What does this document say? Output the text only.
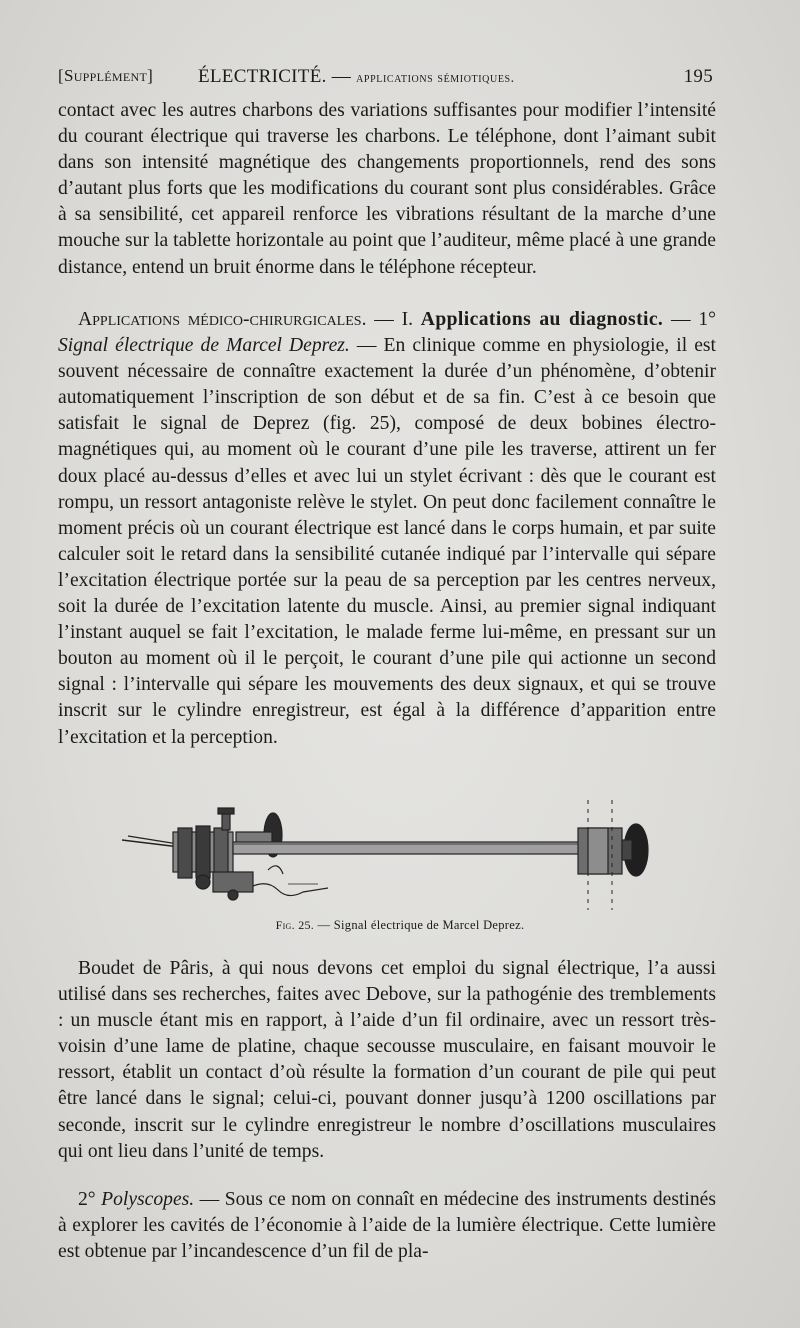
[Supplément] ÉLECTRICITÉ. — applications sémiotiques.	195
contact avec les autres charbons des variations suffisantes pour modifier l’intensité du courant électrique qui traverse les charbons. Le téléphone, dont l’aimant subit dans son intensité magnétique des changements proportionnels, rend des sons d’autant plus forts que les modifications du courant sont plus considérables. Grâce à sa sensibilité, cet appareil renforce les vibrations résultant de la marche d’une mouche sur la tablette horizontale au point que l’auditeur, même placé à une grande distance, entend un bruit énorme dans le téléphone récepteur.
Applications médico-chirurgicales. — I. Applications au diagnostic. — 1° Signal électrique de Marcel Deprez. — En clinique comme en physiologie, il est souvent nécessaire de connaître exactement la durée d’un phénomène, d’obtenir automatiquement l’inscription de son début et de sa fin. C’est à ce besoin que satisfait le signal de Deprez (fig. 25), composé de deux bobines électro-magnétiques qui, au moment où le courant d’une pile les traverse, attirent un fer doux placé au-dessus d’elles et avec lui un stylet écrivant : dès que le courant est rompu, un ressort antagoniste relève le stylet. On peut donc facilement connaître le moment précis où un courant électrique est lancé dans le corps humain, et par suite calculer soit le retard dans la sensibilité cutanée indiqué par l’intervalle qui sépare l’excitation électrique portée sur la peau de sa perception par les centres nerveux, soit la durée de l’excitation latente du muscle. Ainsi, au premier signal indiquant l’instant auquel se fait l’excitation, le malade ferme lui-même, en pressant sur un bouton au moment où il le perçoit, le courant d’une pile qui actionne un second signal : l’intervalle qui sépare les mouvements des deux signaux, et qui se trouve inscrit sur le cylindre enregistreur, est égal à la différence d’apparition entre l’excitation et la perception.
Fig. 25. — Signal électrique de Marcel Deprez.
Boudet de Pâris, à qui nous devons cet emploi du signal électrique, l’a aussi utilisé dans ses recherches, faites avec Debove, sur la pathogénie des tremblements : un muscle étant mis en rapport, à l’aide d’un fil ordinaire, avec un ressort très-voisin d’une lame de platine, chaque secousse musculaire, en faisant mouvoir le ressort, établit un contact d’où résulte la formation d’un courant de pile qui peut être lancé dans le signal; celui-ci, pouvant donner jusqu’à 1200 oscillations par seconde, inscrit sur le cylindre enregistreur le nombre d’oscillations musculaires qui ont lieu dans l’unité de temps.
2° Polyscopes. — Sous ce nom on connaît en médecine des instruments destinés à explorer les cavités de l’économie à l’aide de la lumière électrique. Cette lumière est obtenue par l’incandescence d’un fil de pla-
